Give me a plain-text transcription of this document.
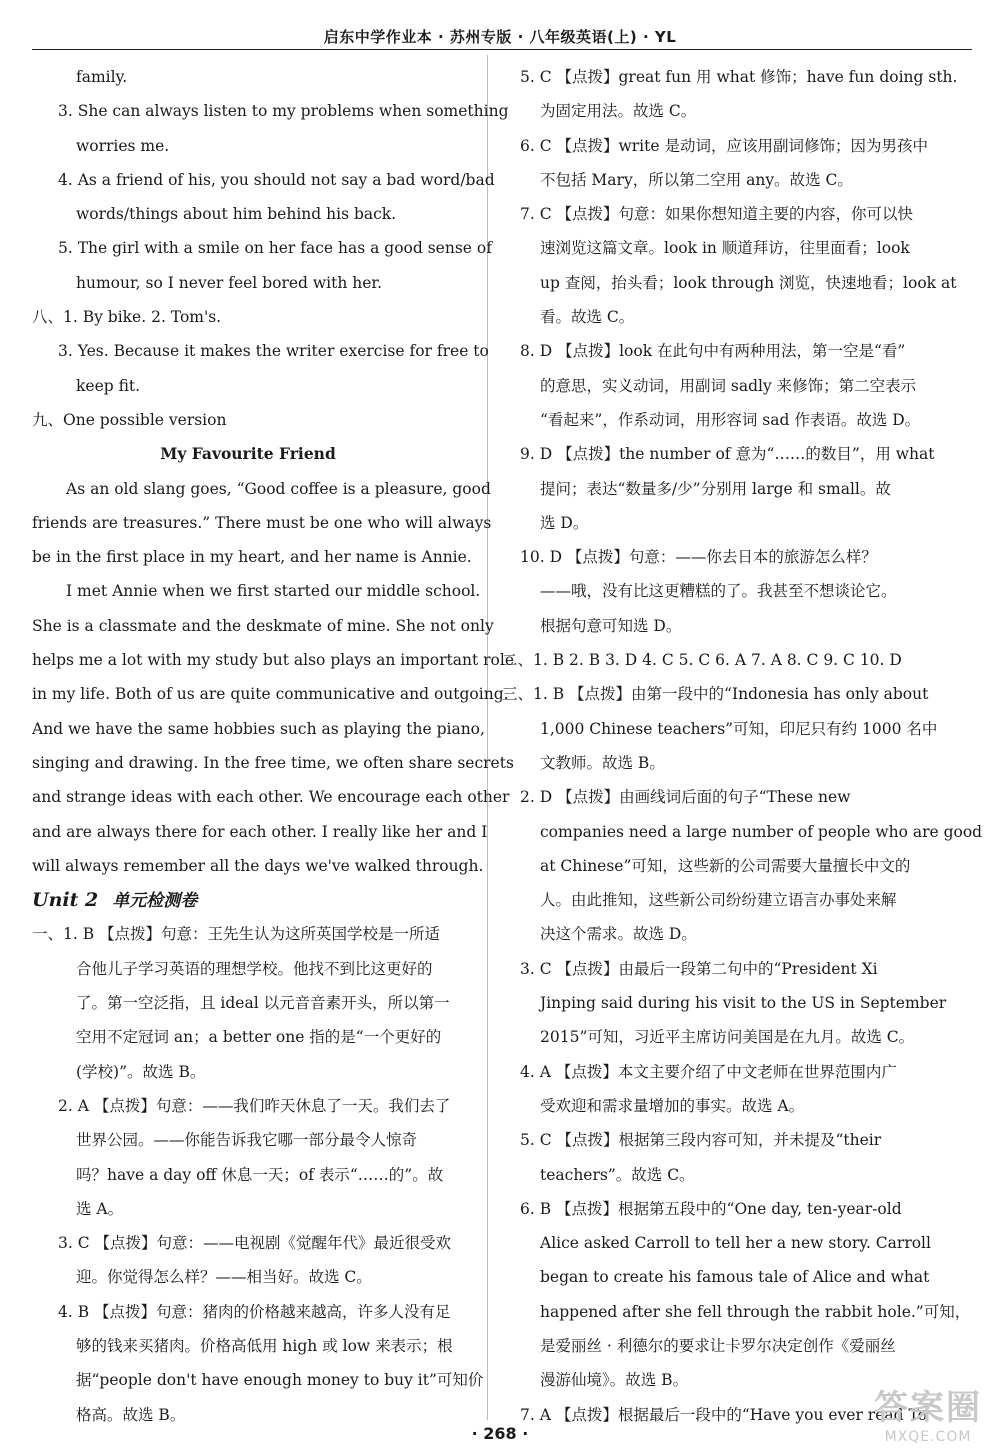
启东中学作业本 · 苏州专版 · 八年级英语(上) · YL
family.
3. She can always listen to my problems when something
worries me.
4. As a friend of his, you should not say a bad word/bad
words/things about him behind his back.
5. The girl with a smile on her face has a good sense of
humour, so I never feel bored with her.
八、1. By bike. 2. Tom's.
3. Yes. Because it makes the writer exercise for free to
keep fit.
九、One possible version
My Favourite Friend
As an old slang goes, “Good coffee is a pleasure, good
friends are treasures.” There must be one who will always
be in the first place in my heart, and her name is Annie.
I met Annie when we first started our middle school.
She is a classmate and the deskmate of mine. She not only
helps me a lot with my study but also plays an important role
in my life. Both of us are quite communicative and outgoing.
And we have the same hobbies such as playing the piano,
singing and drawing. In the free time, we often share secrets
and strange ideas with each other. We encourage each other
and are always there for each other. I really like her and I
will always remember all the days we've walked through.
Unit 2 单元检测卷
一、1. B 【点拨】句意：王先生认为这所英国学校是一所适
合他儿子学习英语的理想学校。他找不到比这更好的
了。第一空泛指，且 ideal 以元音音素开头，所以第一
空用不定冠词 an；a better one 指的是“一个更好的
(学校)”。故选 B。
2. A 【点拨】句意：——我们昨天休息了一天。我们去了
世界公园。——你能告诉我它哪一部分最令人惊奇
吗？have a day off 休息一天；of 表示“……的”。故
选 A。
3. C 【点拨】句意：——电视剧《觉醒年代》最近很受欢
迎。你觉得怎么样？——相当好。故选 C。
4. B 【点拨】句意：猪肉的价格越来越高，许多人没有足
够的钱来买猪肉。价格高低用 high 或 low 来表示；根
据“people don't have enough money to buy it”可知价
格高。故选 B。
5. C 【点拨】great fun 用 what 修饰；have fun doing sth.
为固定用法。故选 C。
6. C 【点拨】write 是动词，应该用副词修饰；因为男孩中
不包括 Mary，所以第二空用 any。故选 C。
7. C 【点拨】句意：如果你想知道主要的内容，你可以快
速浏览这篇文章。look in 顺道拜访，往里面看；look
up 查阅，抬头看；look through 浏览，快速地看；look at
看。故选 C。
8. D 【点拨】look 在此句中有两种用法，第一空是“看”
的意思，实义动词，用副词 sadly 来修饰；第二空表示
“看起来”，作系动词，用形容词 sad 作表语。故选 D。
9. D 【点拨】the number of 意为“……的数目”，用 what
提问；表达“数量多/少”分别用 large 和 small。故
选 D。
10. D 【点拨】句意：——你去日本的旅游怎么样？
——哦，没有比这更糟糕的了。我甚至不想谈论它。
根据句意可知选 D。
二、1. B 2. B 3. D 4. C 5. C 6. A 7. A 8. C 9. C 10. D
三、1. B 【点拨】由第一段中的“Indonesia has only about
1,000 Chinese teachers”可知，印尼只有约 1000 名中
文教师。故选 B。
2. D 【点拨】由画线词后面的句子“These new
companies need a large number of people who are good
at Chinese”可知，这些新的公司需要大量擅长中文的
人。由此推知，这些新公司纷纷建立语言办事处来解
决这个需求。故选 D。
3. C 【点拨】由最后一段第二句中的“President Xi
Jinping said during his visit to the US in September
2015”可知，习近平主席访问美国是在九月。故选 C。
4. A 【点拨】本文主要介绍了中文老师在世界范围内广
受欢迎和需求量增加的事实。故选 A。
5. C 【点拨】根据第三段内容可知，并未提及“their
teachers”。故选 C。
6. B 【点拨】根据第五段中的“One day, ten-year-old
Alice asked Carroll to tell her a new story. Carroll
began to create his famous tale of Alice and what
happened after she fell through the rabbit hole.”可知，
是爱丽丝 · 利德尔的要求让卡罗尔决定创作《爱丽丝
漫游仙境》。故选 B。
7. A 【点拨】根据最后一段中的“Have you ever read To
· 268 ·
答案圈
MXQE.COM
